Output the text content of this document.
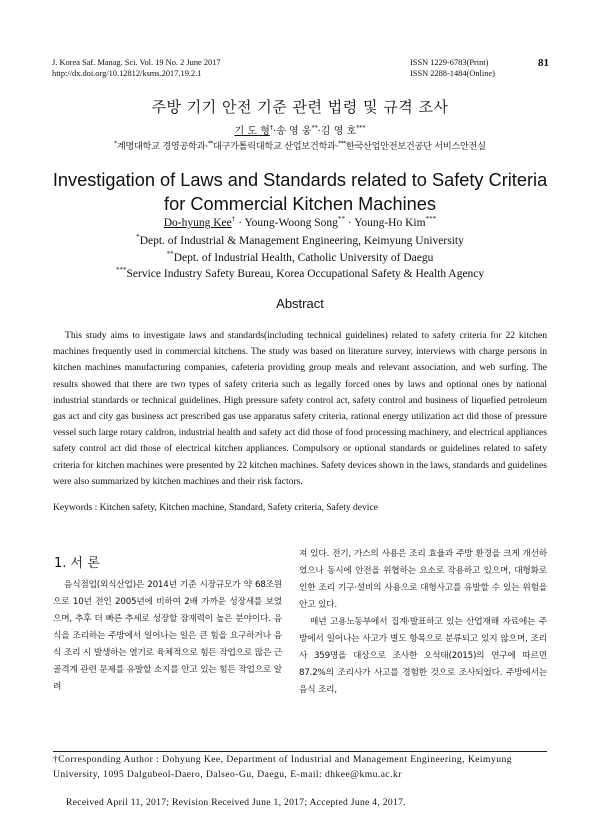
J. Korea Saf. Manag. Sci. Vol. 19 No. 2 June 2017
http://dx.doi.org/10.12812/ksms.2017.19.2.1
ISSN 1229-6783(Print)
ISSN 2288-1484(Online)
81
주방 기기 안전 기준 관련 법령 및 규격 조사
기 도 형†·송 영 웅**·김 영 호***
*계명대학교 경영공학과·**대구가톨릭대학교 산업보건학과·***한국산업안전보건공단 서비스안전실
Investigation of Laws and Standards related to Safety Criteria
for Commercial Kitchen Machines
Do-hyung Kee† · Young-Woong Song** · Young-Ho Kim***
*Dept. of Industrial & Management Engineering, Keimyung University
**Dept. of Industrial Health, Catholic University of Daegu
***Service Industry Safety Bureau, Korea Occupational Safety & Health Agency
Abstract
This study aims to investigate laws and standards(including technical guidelines) related to safety criteria for 22 kitchen machines frequently used in commercial kitchens. The study was based on literature survey, interviews with charge persons in kitchen machines manufacturing companies, cafeteria providing group meals and relevant association, and web surfing. The results showed that there are two types of safety criteria such as legally forced ones by laws and optional ones by national industrial standards or technical guidelines. High pressure safety control act, safety control and business of liquefied petroleum gas act and city gas business act prescribed gas use apparatus safety criteria, rational energy utilization act did those of pressure vessel such large rotary caldron, industrial health and safety act did those of food processing machinery, and electrical appliances safety control act did those of electrical kitchen appliances. Compulsory or optional standards or guidelines related to safety criteria for kitchen machines were presented by 22 kitchen machines. Safety devices shown in the laws, standards and guidelines were also summarized by kitchen machines and their risk factors.
Keywords : Kitchen safety, Kitchen machine, Standard, Safety criteria, Safety device
1. 서 론

음식점업(외식산업)은 2014년 기준 시장규모가 약 68조원으로 10년 전인 2005년에 비하여 2배 가까운 성장세를 보였으며, 추후 더 빠른 추세로 성장할 잠재력이 높은 분야이다. 음식을 조리하는 주방에서 일어나는 일은 큰 힘을 요구하거나 음식 조리 시 발생하는 열기로 육체적으로 힘든 작업으로 많은 근골격계 관련 문제를 유발할 소지를 안고 있는 힘든 작업으로 알려

져 있다. 전기, 가스의 사용은 조리 효율과 주방 환경을 크게 개선하였으나 동시에 안전을 위협하는 요소로 작용하고 있으며, 대형화로 인한 조리 기구·설비의 사용으로 대형사고를 유발할 수 있는 위험을 안고 있다.

매년 고용노동부에서 집계·발표하고 있는 산업재해 자료에는 주방에서 일어나는 사고가 별도 항목으로 분류되고 있지 않으며, 조리사 359명을 대상으로 조사한 오석태(2015)의 연구에 따르면 87.2%의 조리사가 사고를 경험한 것으로 조사되었다. 주방에서는 음식 조리,

†Corresponding Author : Dohyung Kee, Department of Industrial and Management Engineering, Keimyung University, 1095 Dalgubeol-Daero, Dalseo-Gu, Daegu, E-mail: dhkee@kmu.ac.kr
Received April 11, 2017; Revision Received June 1, 2017; Accepted June 4, 2017.
